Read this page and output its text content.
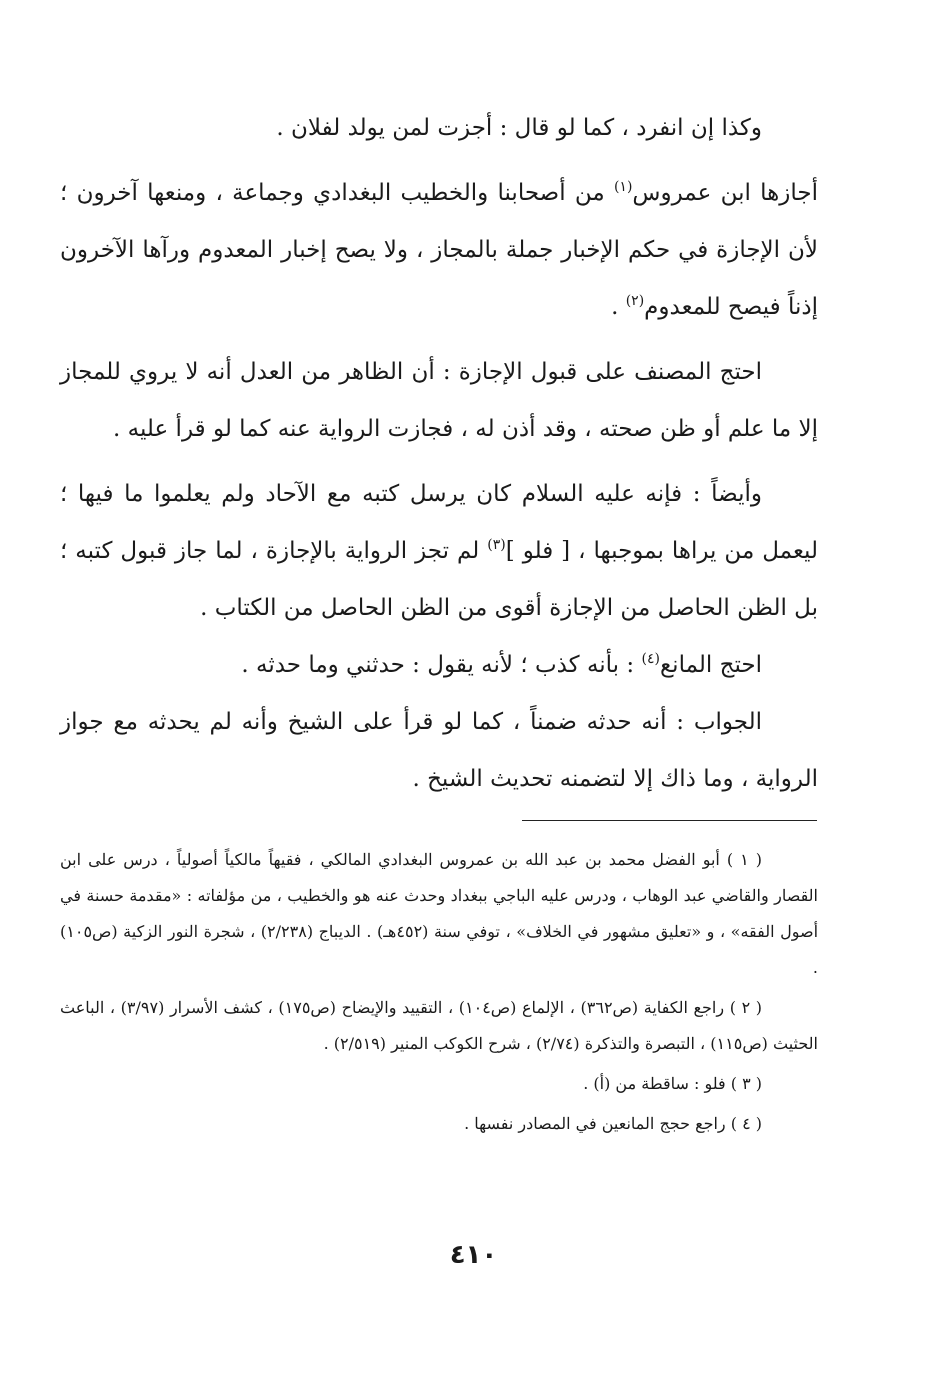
وكذا إن انفرد ، كما لو قال : أجزت لمن يولد لفلان .

أجازها ابن عمروس$^{(١)}$ من أصحابنا والخطيب البغدادي وجماعة ، ومنعها آخرون ؛ لأن الإجازة في حكم الإخبار جملة بالمجاز ، ولا يصح إخبار المعدوم ورآها الآخرون إذناً فيصح للمعدوم$^{(٢)}$ .

احتج المصنف على قبول الإجازة : أن الظاهر من العدل أنه لا يروي للمجاز إلا ما علم أو ظن صحته ، وقد أذن له ، فجازت الرواية عنه كما لو قرأ عليه .

وأيضاً : فإنه عليه السلام كان يرسل كتبه مع الآحاد ولم يعلموا ما فيها ؛ ليعمل من يراها بموجبها ، [ فلو ]$^{(٣)}$ لم تجز الرواية بالإجازة ، لما جاز قبول كتبه ؛ بل الظن الحاصل من الإجازة أقوى من الظن الحاصل من الكتاب .

احتج المانع$^{(٤)}$ : بأنه كذب ؛ لأنه يقول : حدثني وما حدثه .

الجواب : أنه حدثه ضمناً ، كما لو قرأ على الشيخ وأنه لم يحدثه مع جواز الرواية ، وما ذاك إلا لتضمنه تحديث الشيخ .

( ١ ) أبو الفضل محمد بن عبد الله بن عمروس البغدادي المالكي ، فقيهاً مالكياً أصولياً ، درس على ابن القصار والقاضي عبد الوهاب ، ودرس عليه الباجي ببغداد وحدث عنه هو والخطيب ، من مؤلفاته : «مقدمة حسنة في أصول الفقه» ، و «تعليق مشهور في الخلاف» ، توفي سنة (٤٥٢هـ) . الديباج (٢/٢٣٨) ، شجرة النور الزكية (ص١٠٥) .

( ٢ ) راجع الكفاية (ص٣٦٢) ، الإلماع (ص١٠٤) ، التقييد والإيضاح (ص١٧٥) ، كشف الأسرار (٣/٩٧) ، الباعث الحثيث (ص١١٥) ، التبصرة والتذكرة (٢/٧٤) ، شرح الكوكب المنير (٢/٥١٩) .

( ٣ ) فلو : ساقطة من (أ) .

( ٤ ) راجع حجج المانعين في المصادر نفسها .

٤١٠
